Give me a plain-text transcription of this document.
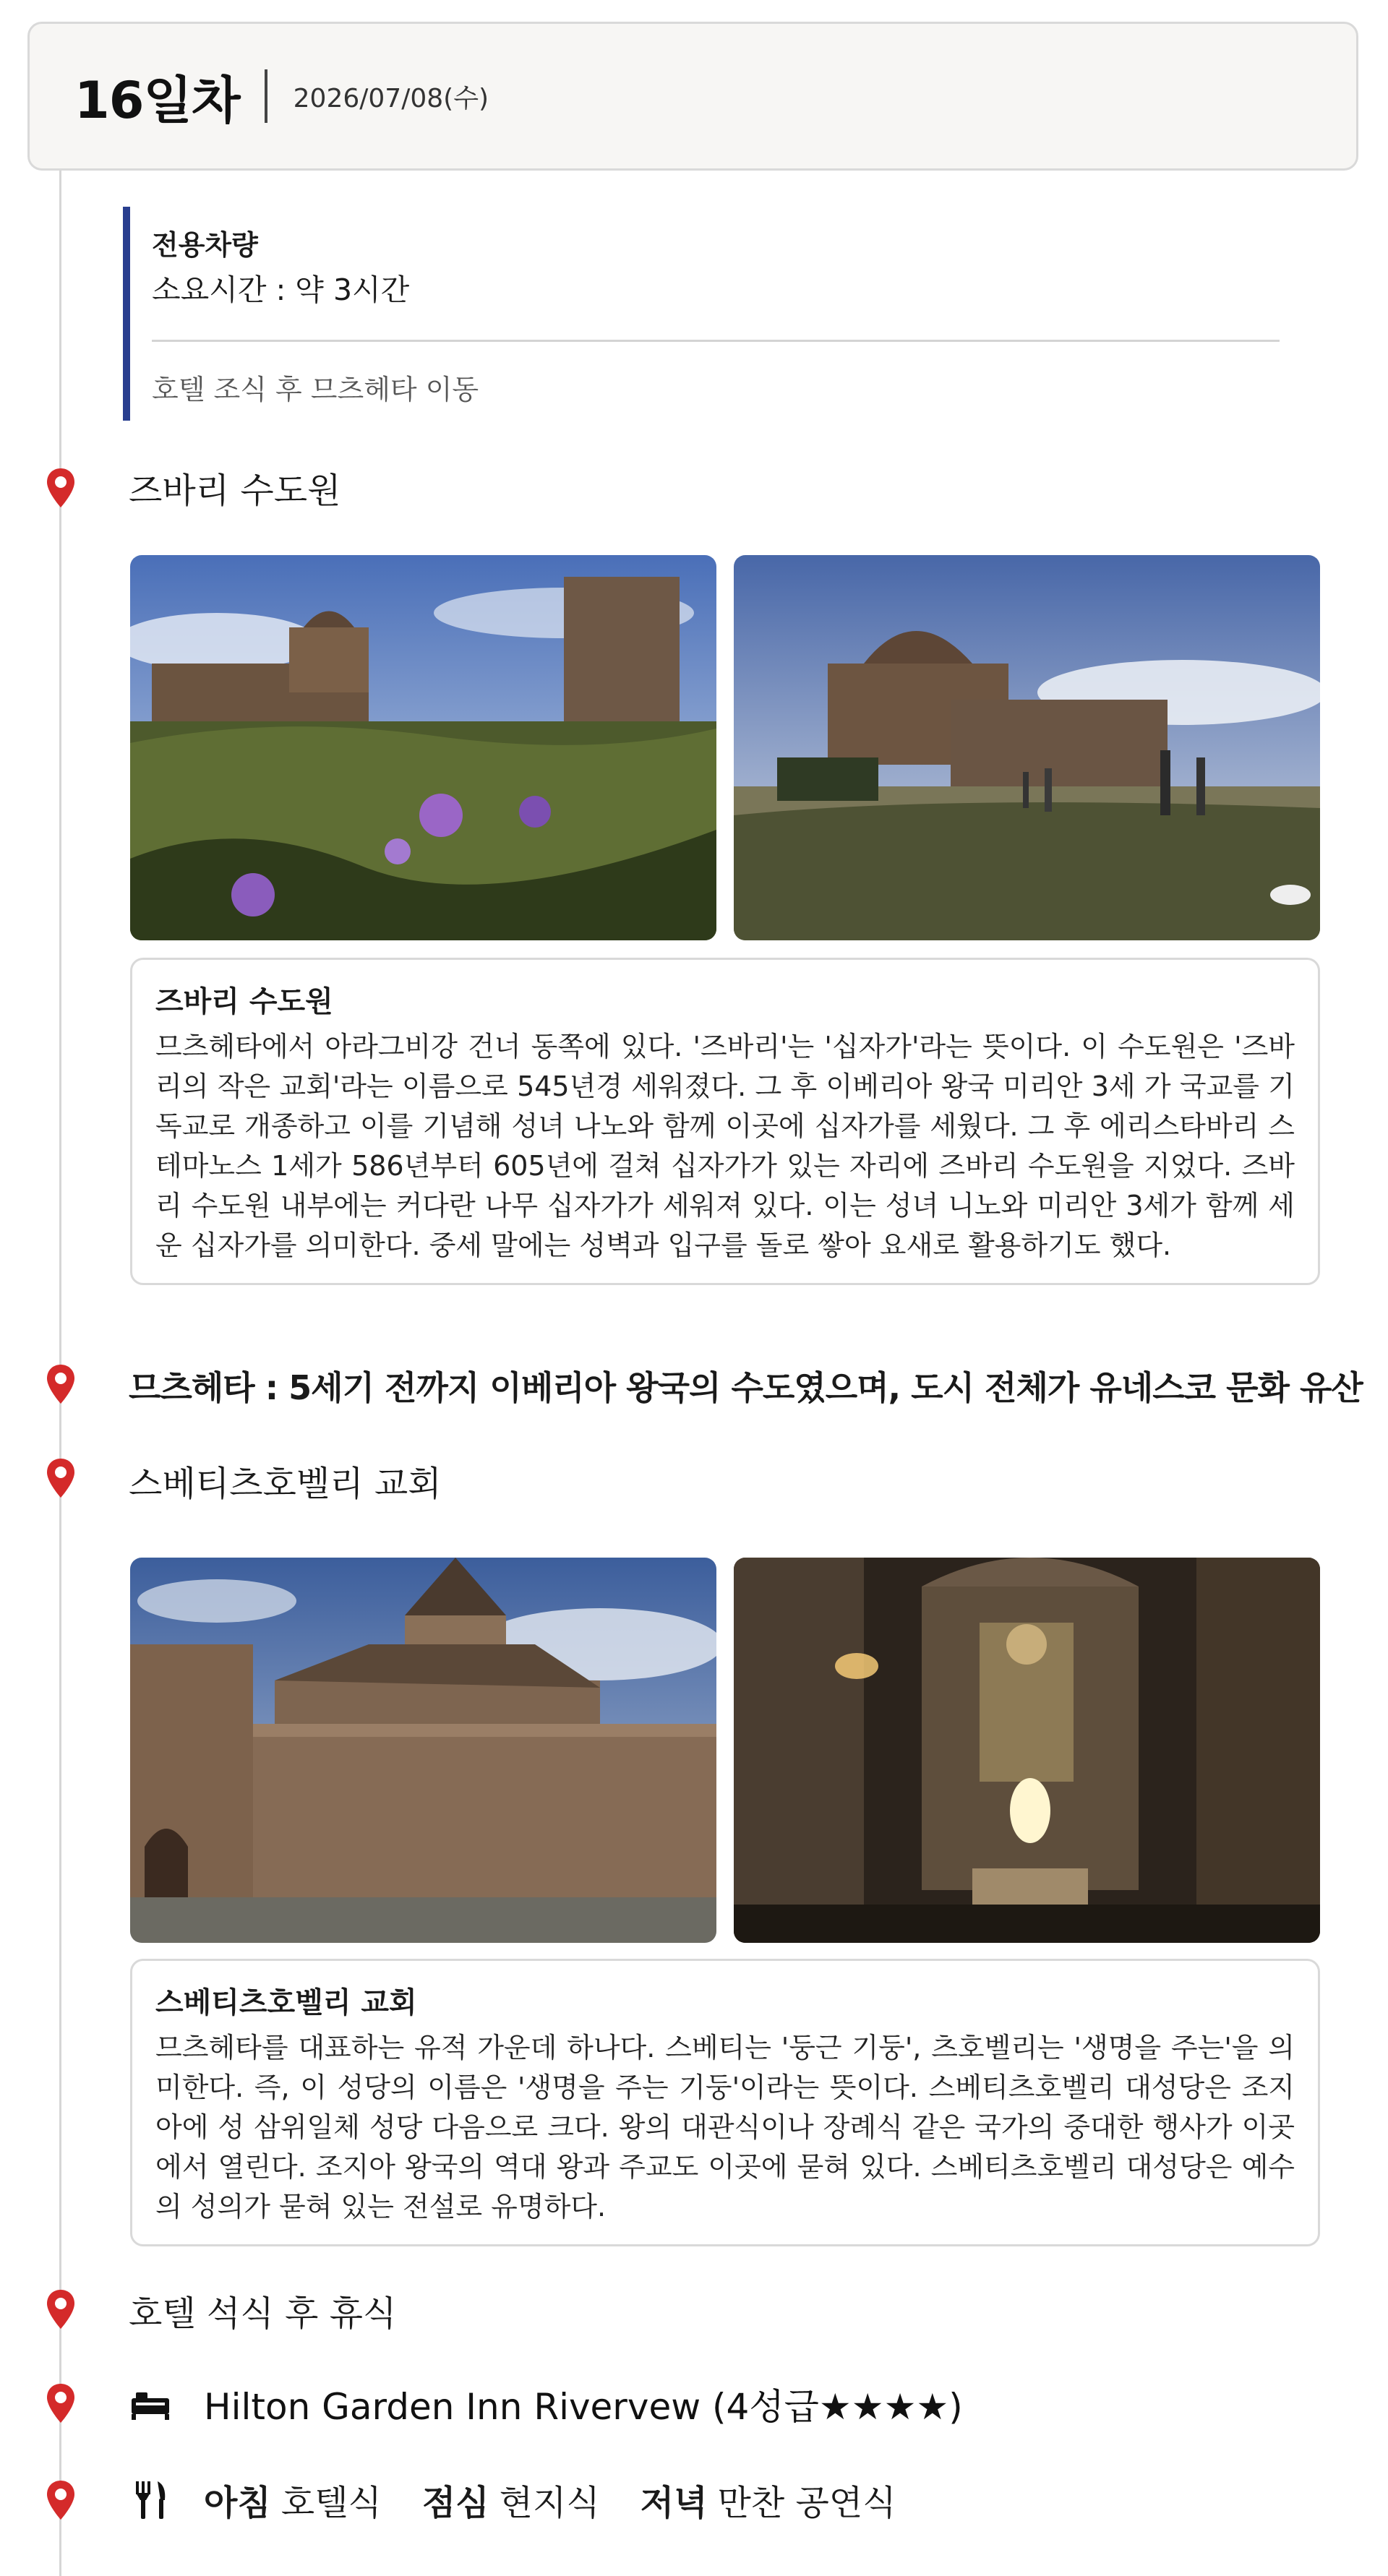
16일차 2026/07/08(수)
전용차량
소요시간 : 약 3시간
호텔 조식 후 므츠헤타 이동
즈바리 수도원
즈바리 수도원
므츠헤타에서 아라그비강 건너 동쪽에 있다. '즈바리'는 '십자가'라는 뜻이다. 이 수도원은 '즈바리의 작은 교회'라는 이름으로 545년경 세워졌다. 그 후 이베리아 왕국 미리안 3세 가 국교를 기독교로 개종하고 이를 기념해 성녀 나노와 함께 이곳에 십자가를 세웠다. 그 후 에리스타바리 스테마노스 1세가 586년부터 605년에 걸쳐 십자가가 있는 자리에 즈바리 수도원을 지었다. 즈바리 수도원 내부에는 커다란 나무 십자가가 세워져 있다. 이는 성녀 니노와 미리안 3세가 함께 세운 십자가를 의미한다. 중세 말에는 성벽과 입구를 돌로 쌓아 요새로 활용하기도 했다.
므츠헤타 : 5세기 전까지 이베리아 왕국의 수도였으며, 도시 전체가 유네스코 문화 유산
스베티츠호벨리 교회
스베티츠호벨리 교회
므츠헤타를 대표하는 유적 가운데 하나다. 스베티는 '둥근 기둥', 츠호벨리는 '생명을 주는'을 의미한다. 즉, 이 성당의 이름은 '생명을 주는 기둥'이라는 뜻이다. 스베티츠호벨리 대성당은 조지아에 성 삼위일체 성당 다음으로 크다. 왕의 대관식이나 장례식 같은 국가의 중대한 행사가 이곳에서 열린다. 조지아 왕국의 역대 왕과 주교도 이곳에 묻혀 있다. 스베티츠호벨리 대성당은 예수의 성의가 묻혀 있는 전설로 유명하다.
호텔 석식 후 휴식
Hilton Garden Inn Rivervew (4성급★★★★)
아침 호텔식 점심 현지식 저녁 만찬 공연식
